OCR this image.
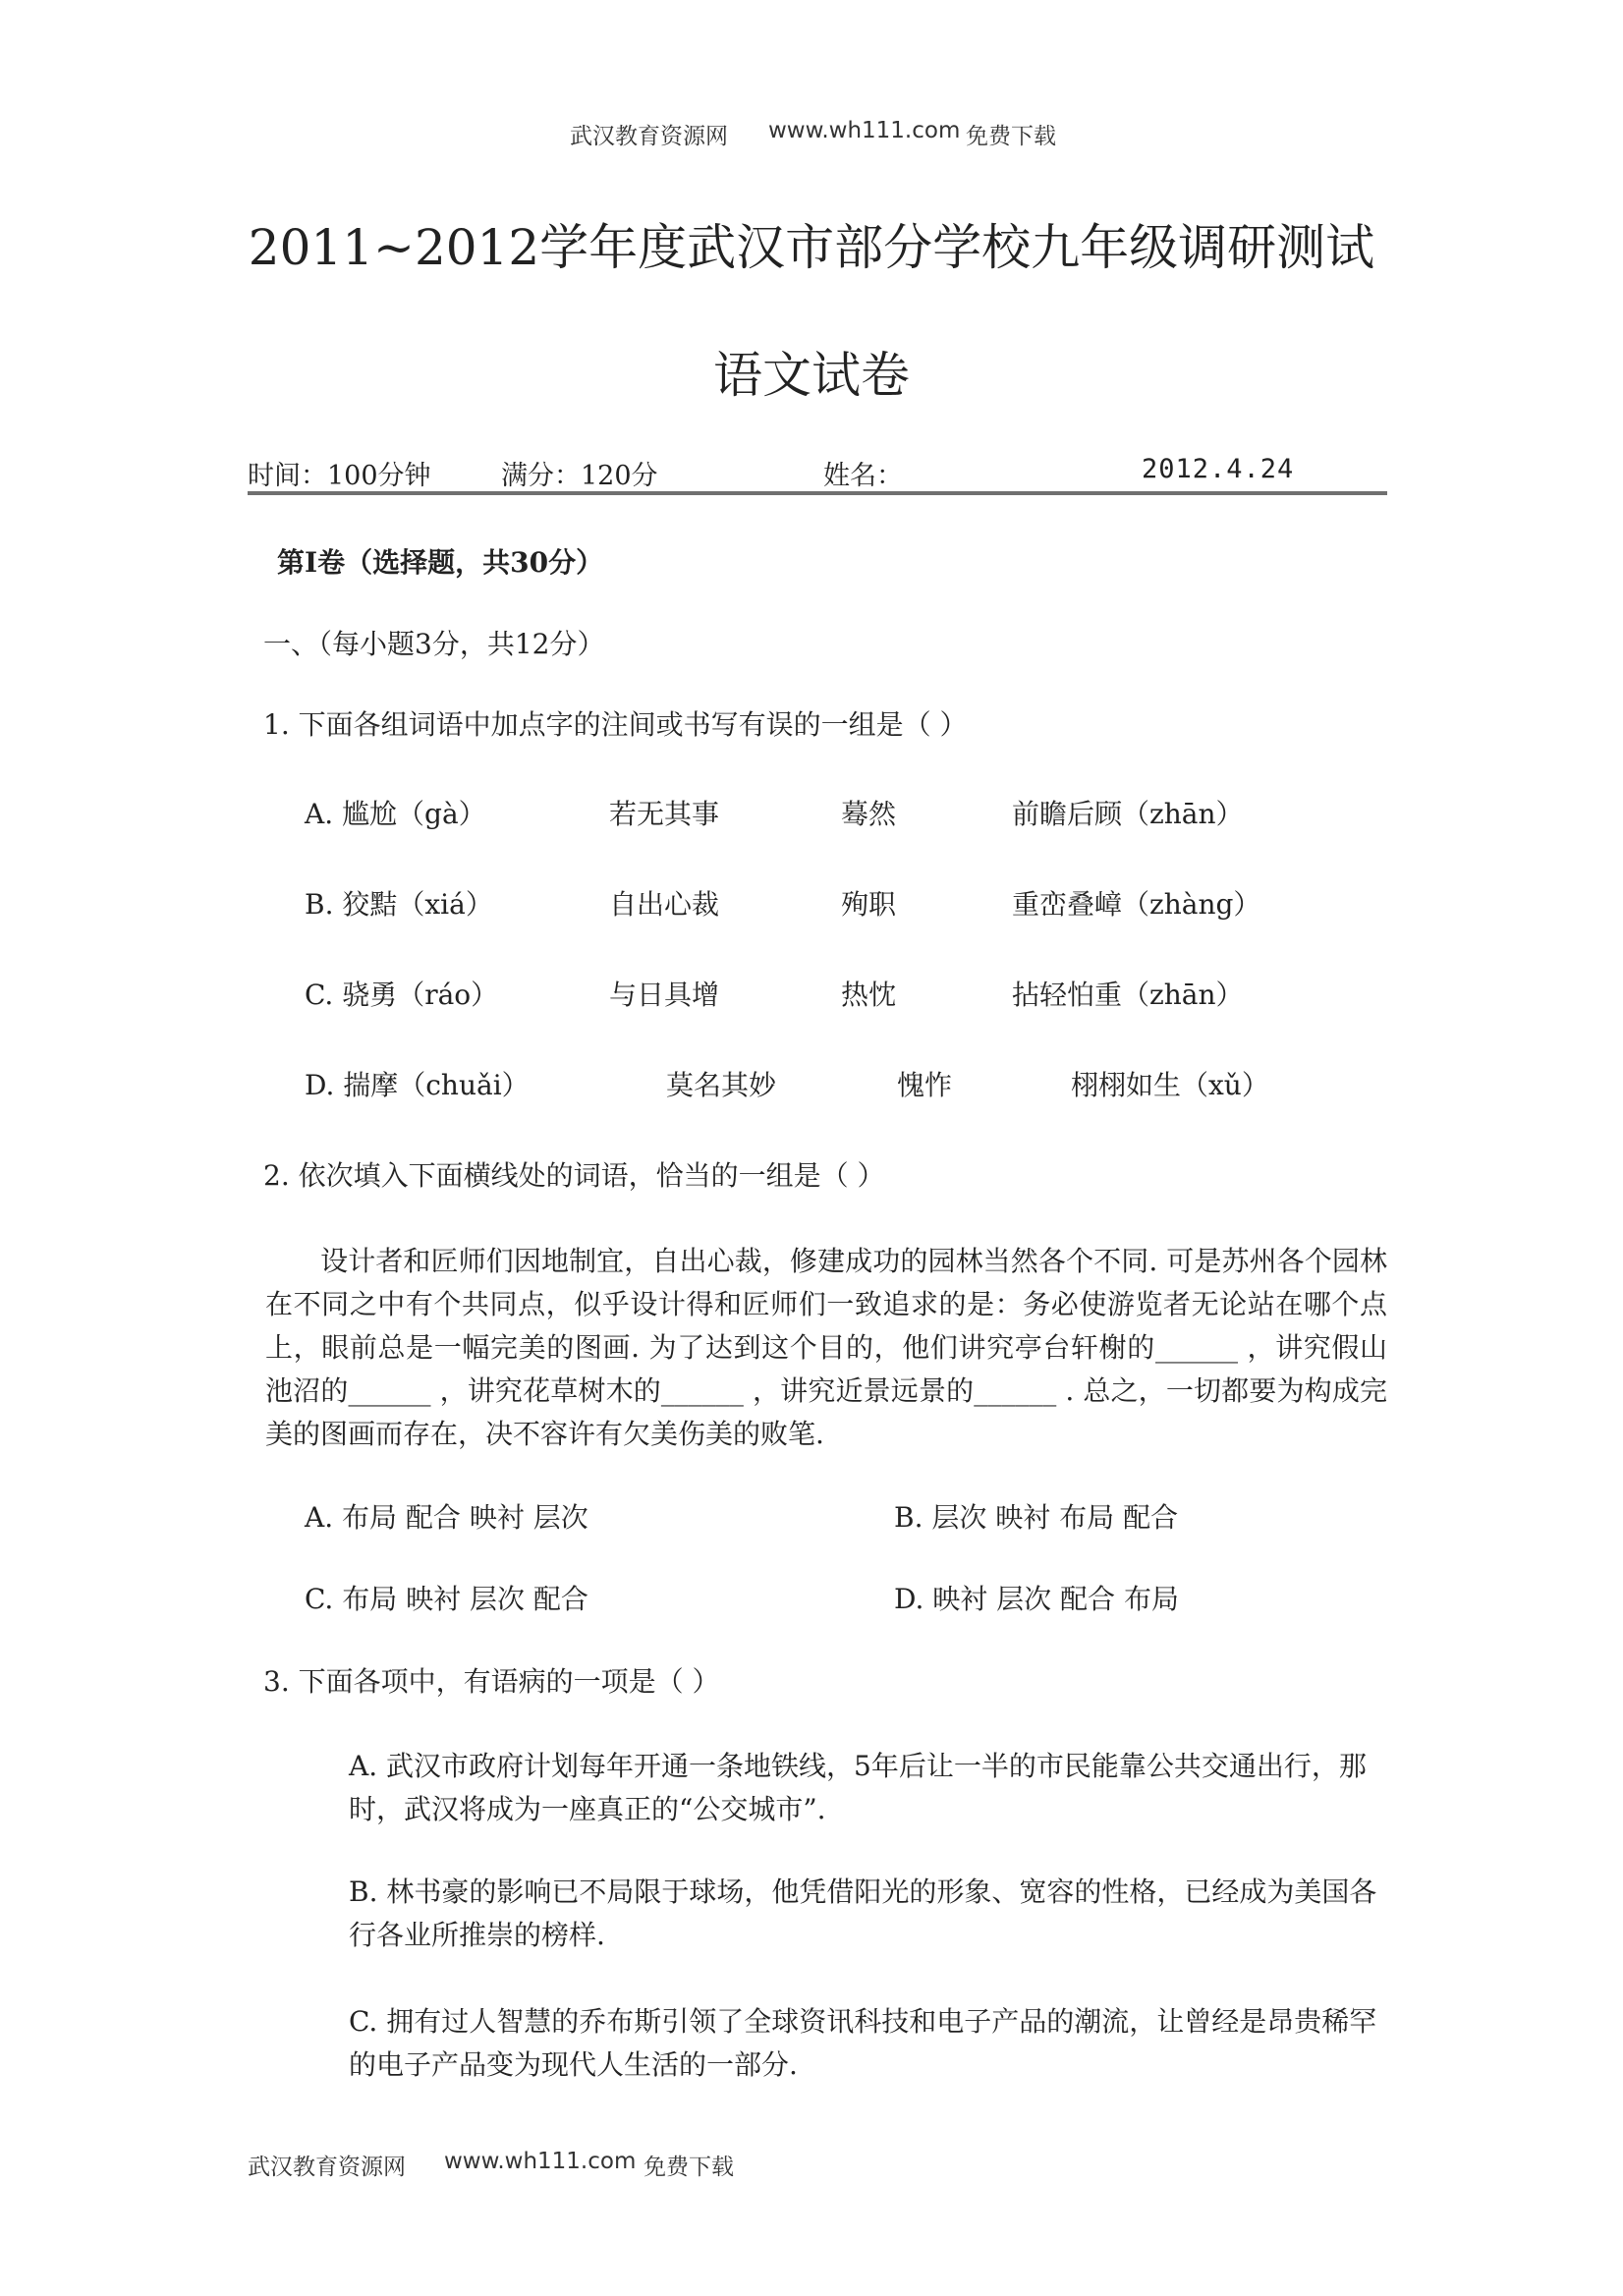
武汉教育资源网 www.wh111.com 免费下载
2011~2012学年度武汉市部分学校九年级调研测试
语文试卷
时间：100分钟	满分：120分	姓名：	2012.4.24
第Ⅰ卷（选择题，共30分）
一、（每小题3分，共12分）
1. 下面各组词语中加点字的注间或书写有误的一组是（ ）
A. 尴尬（gà）	若无其事	蓦然	前瞻后顾（zhān）
B. 狡黠（xiá）	自出心裁	殉职	重峦叠嶂（zhàng）
C. 骁勇（ráo）	与日具增	热忱	拈轻怕重（zhān）
D. 揣摩（chuǎi）	莫名其妙	愧怍	栩栩如生（xǔ）
2. 依次填入下面横线处的词语，恰当的一组是（ ）
设计者和匠师们因地制宜，自出心裁，修建成功的园林当然各个不同. 可是苏州各个园林在不同之中有个共同点，似乎设计得和匠师们一致追求的是：务必使游览者无论站在哪个点上，眼前总是一幅完美的图画. 为了达到这个目的，他们讲究亭台轩榭的______ ，讲究假山池沼的______ ，讲究花草树木的______ ，讲究近景远景的______ . 总之，一切都要为构成完美的图画而存在，决不容许有欠美伤美的败笔.
A. 布局 配合 映衬 层次	B. 层次 映衬 布局 配合
C. 布局 映衬 层次 配合	D. 映衬 层次 配合 布局
3. 下面各项中，有语病的一项是（ ）
A. 武汉市政府计划每年开通一条地铁线，5年后让一半的市民能靠公共交通出行，那时，武汉将成为一座真正的“公交城市”.
B. 林书豪的影响已不局限于球场，他凭借阳光的形象、宽容的性格，已经成为美国各行各业所推崇的榜样.
C. 拥有过人智慧的乔布斯引领了全球资讯科技和电子产品的潮流，让曾经是昂贵稀罕的电子产品变为现代人生活的一部分.
武汉教育资源网 www.wh111.com 免费下载
